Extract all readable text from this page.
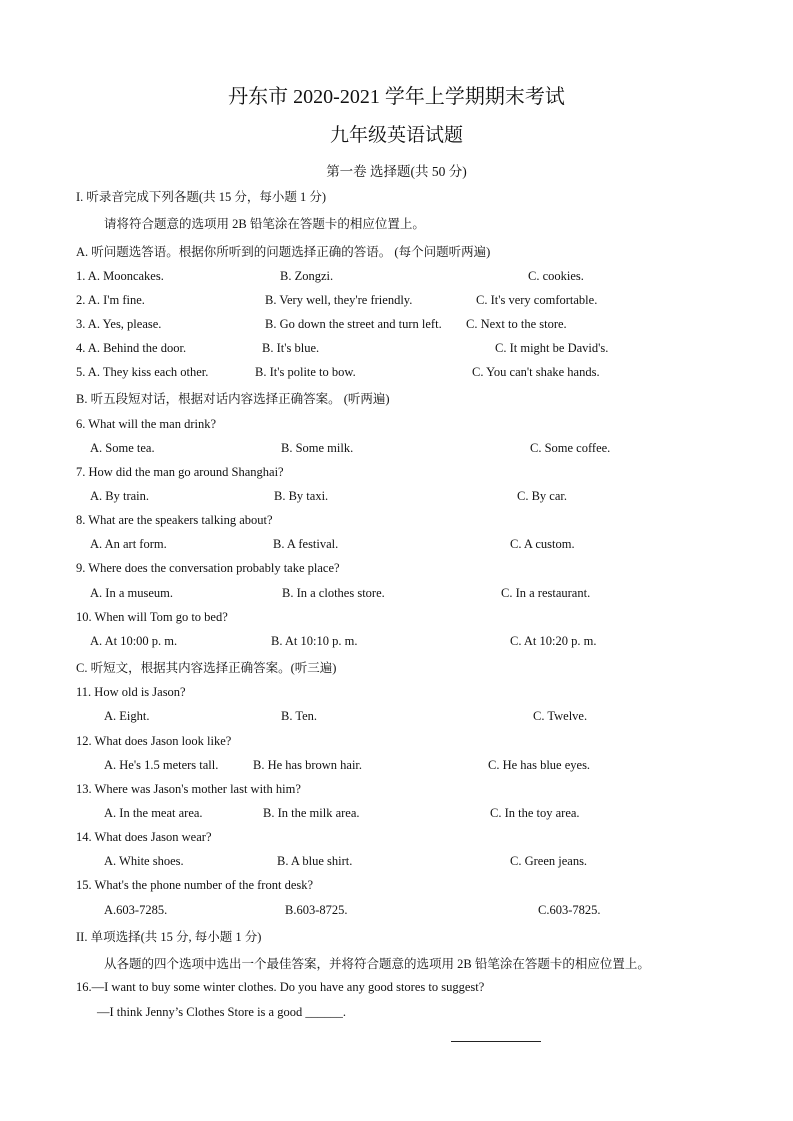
丹东市 2020-2021 学年上学期期末考试
九年级英语试题
第一卷 选择题(共 50 分)
I. 听录音完成下列各题(共 15 分，每小题 1 分)
请将符合题意的选项用 2B 铅笔涂在答题卡的相应位置上。
A. 听问题选答语。根据你所听到的问题选择正确的答语。 (每个问题听两遍)
1. A. Mooncakes.	B. Zongzi.	C. cookies.
2. A. I'm fine.	B. Very well, they're friendly.	C. It's very comfortable.
3. A. Yes, please.	B. Go down the street and turn left. C. Next to the store.
4. A. Behind the door.	B. It's blue.	C. It might be David's.
5. A. They kiss each other.	B. It's polite to bow.	C. You can't shake hands.
B. 听五段短对话，根据对话内容选择正确答案。 (听两遍)
6. What will the man drink?
A. Some tea.	B. Some milk.	C. Some coffee.
7. How did the man go around Shanghai?
A. By train.	B. By taxi.	C. By car.
8. What are the speakers talking about?
A. An art form.	B. A festival.	C. A custom.
9. Where does the conversation probably take place?
A. In a museum.	B. In a clothes store.	C. In a restaurant.
10. When will Tom go to bed?
A. At 10:00 p. m.	B. At 10:10 p. m.	C. At 10:20 p. m.
C. 听短文，根据其内容选择正确答案。(听三遍)
11. How old is Jason?
A. Eight.	B. Ten.	C. Twelve.
12. What does Jason look like?
A. He's 1.5 meters tall.	B. He has brown hair.	C. He has blue eyes.
13. Where was Jason's mother last with him?
A. In the meat area.	B. In the milk area.	C. In the toy area.
14. What does Jason wear?
A. White shoes.	B. A blue shirt.	C. Green jeans.
15. What's the phone number of the front desk?
A.603-7285.	B.603-8725.	C.603-7825.
II. 单项选择(共 15 分, 每小题 1 分)
从各题的四个选项中选出一个最佳答案，并将符合题意的选项用 2B 铅笔涂在答题卡的相应位置上。
16.—I want to buy some winter clothes. Do you have any good stores to suggest?
—I think Jenny’s Clothes Store is a good ______.
